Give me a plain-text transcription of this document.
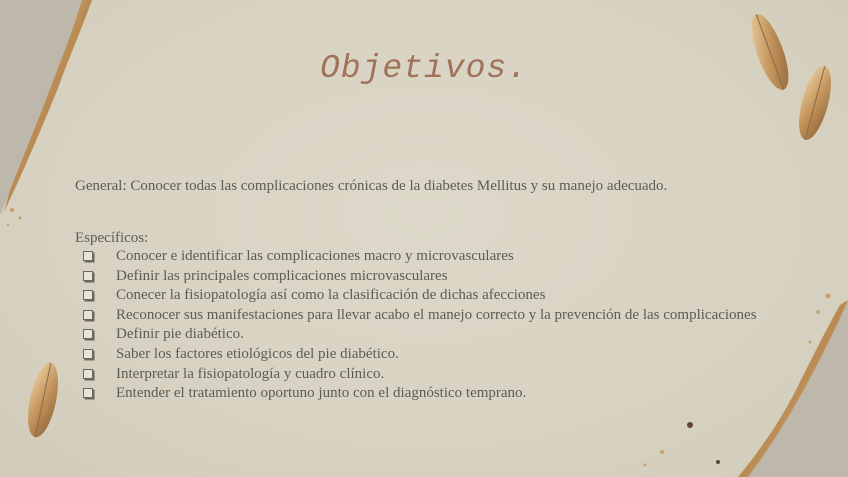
Objetivos.
General: Conocer todas las complicaciones crónicas de la diabetes Mellitus y su manejo adecuado.
Específicos:
Conocer e identificar las complicaciones macro y microvasculares
Definir las principales complicaciones microvasculares
Conecer la fisiopatología así como la clasificación de dichas afecciones
Reconocer sus manifestaciones para llevar acabo el manejo correcto y la prevención de las complicaciones
Definir pie diabético.
Saber los factores etiológicos del pie diabético.
Interpretar la fisiopatología y cuadro clínico.
Entender el tratamiento oportuno junto con el diagnóstico temprano.
